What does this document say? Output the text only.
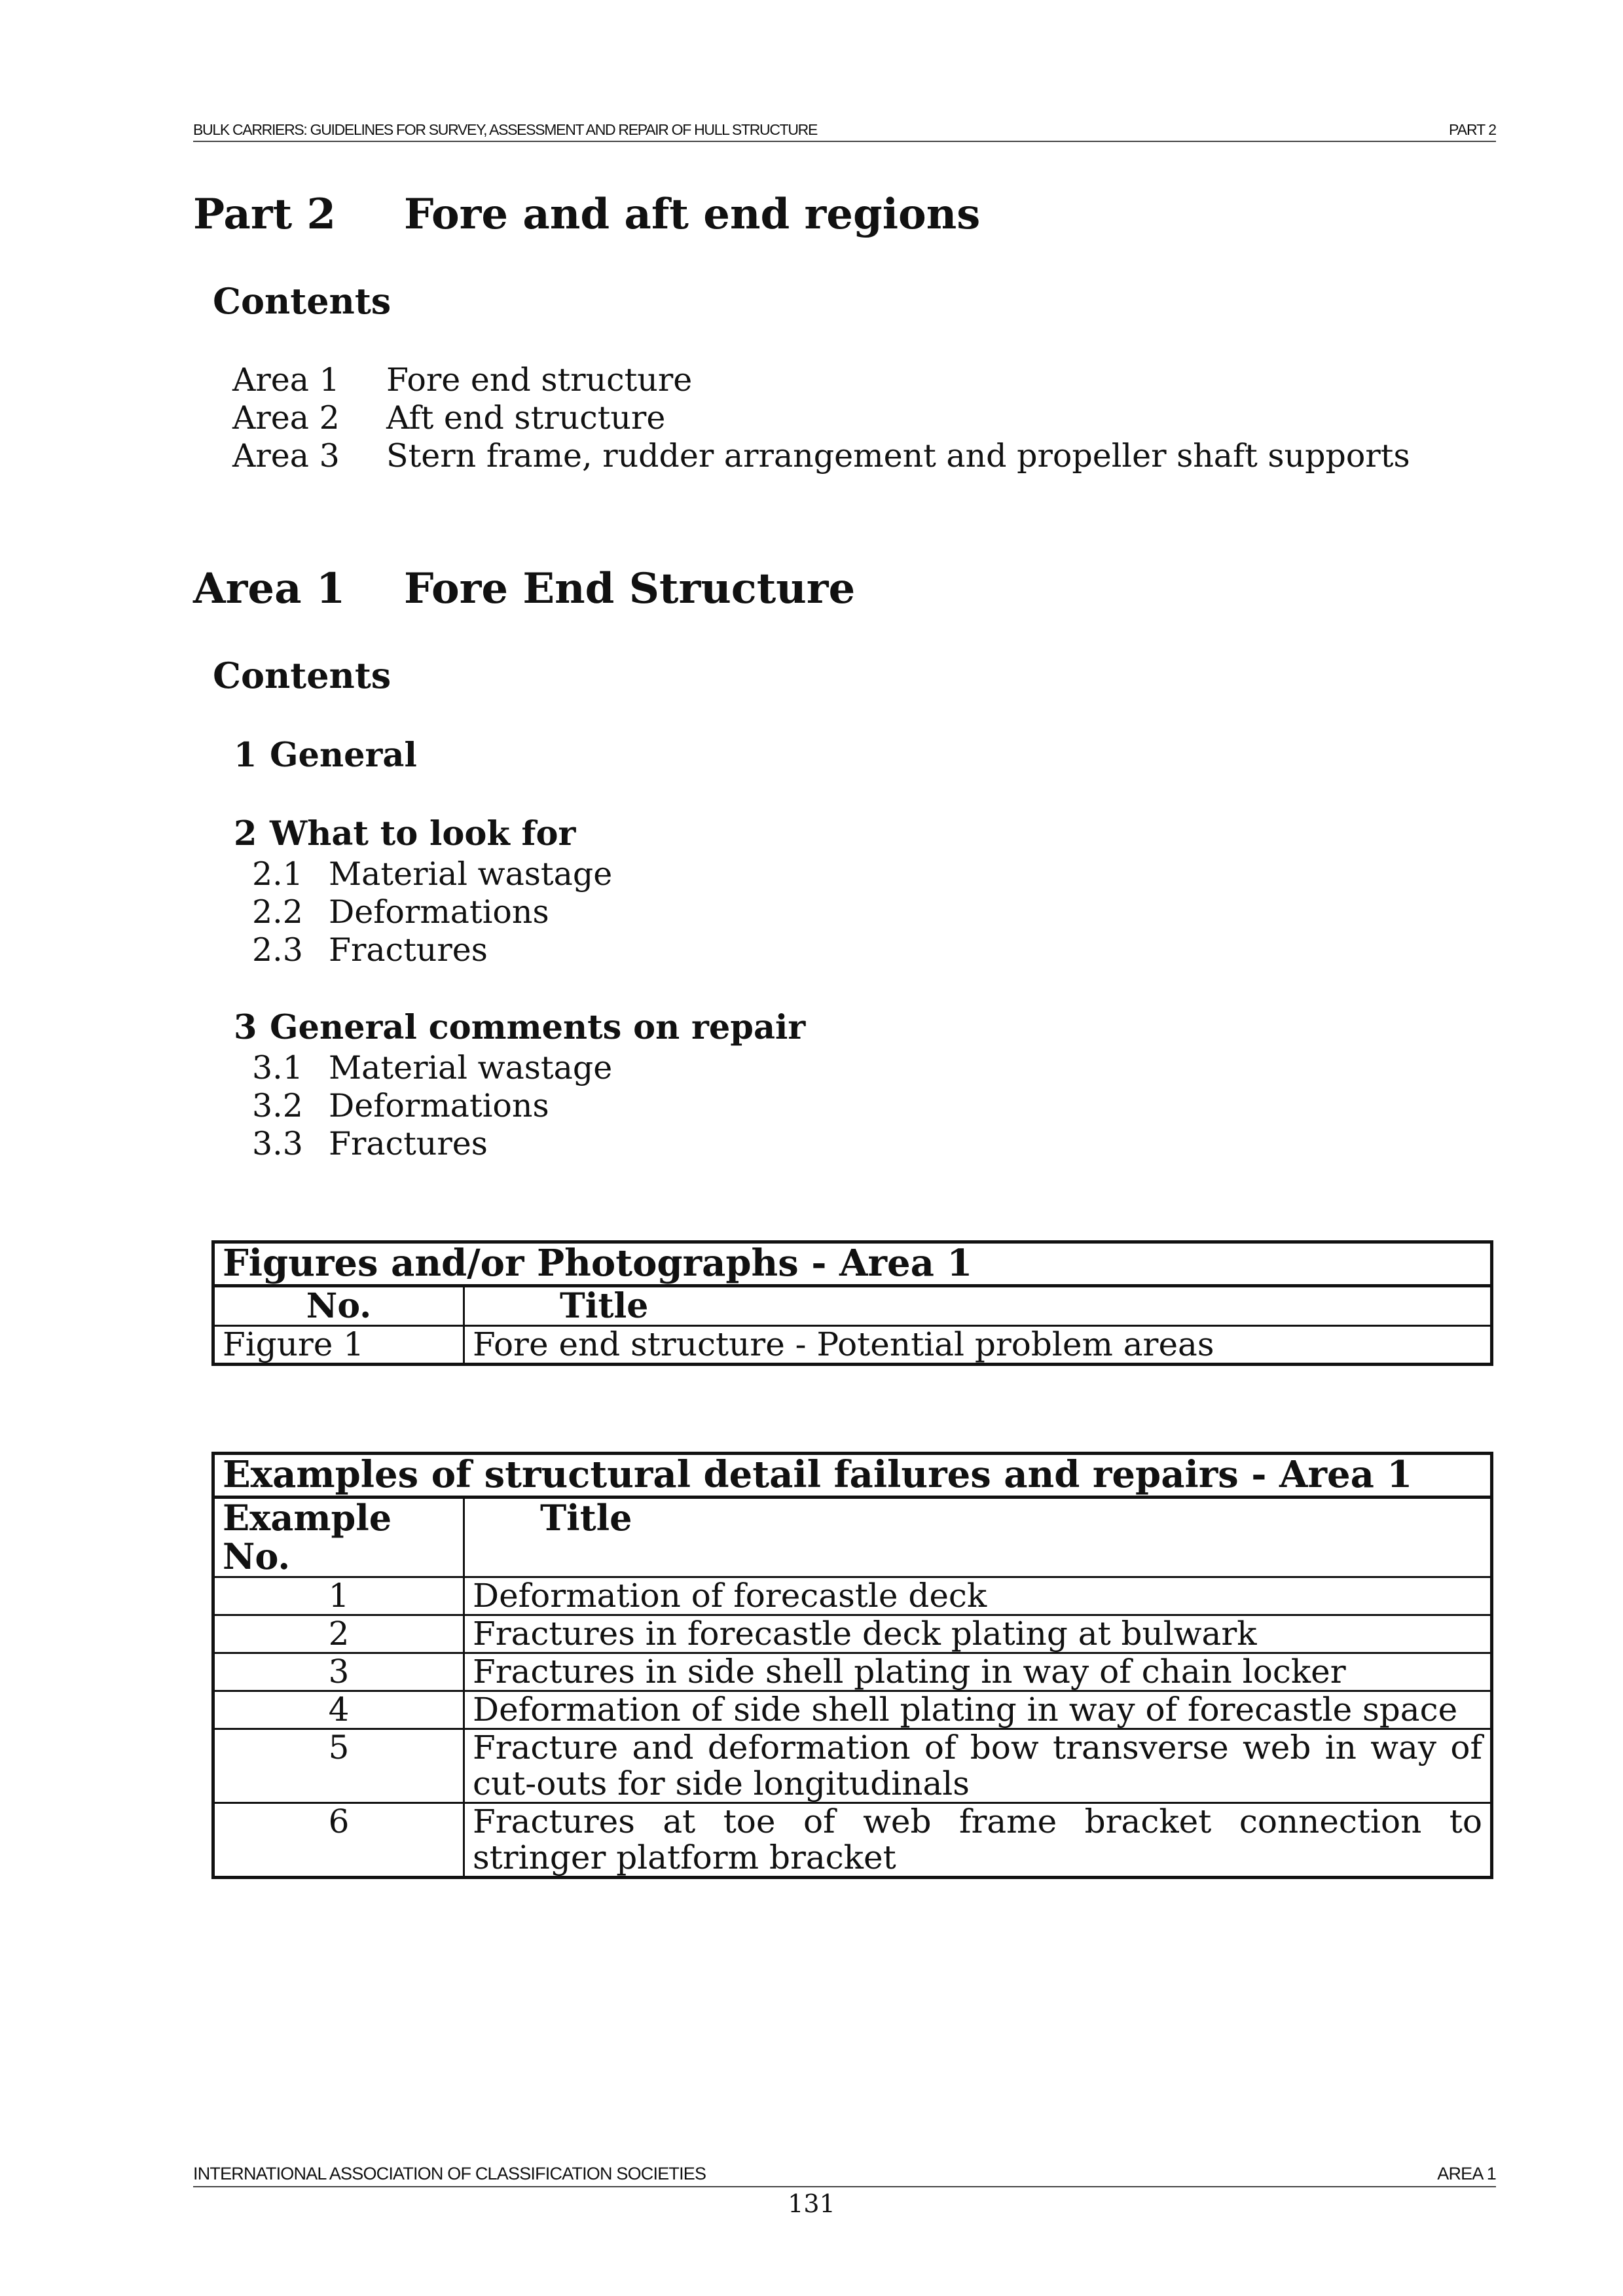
BULK CARRIERS: GUIDELINES FOR SURVEY, ASSESSMENT AND REPAIR OF HULL STRUCTURE	PART 2
Part 2 Fore and aft end regions
Contents
Area 1 Fore end structure
Area 2 Aft end structure
Area 3 Stern frame, rudder arrangement and propeller shaft supports
Area 1 Fore End Structure
Contents
1 General
2 What to look for
2.1 Material wastage
2.2 Deformations
2.3 Fractures
3 General comments on repair
3.1 Material wastage
3.2 Deformations
3.3 Fractures
Figures and/or Photographs - Area 1	
No.	Title
Figure 1	Fore end structure - Potential problem areas
Examples of structural detail failures and repairs - Area 1	
Example No.	Title
1	Deformation of forecastle deck
2	Fractures in forecastle deck plating at bulwark
3	Fractures in side shell plating in way of chain locker
4	Deformation of side shell plating in way of forecastle space
5	Fracture and deformation of bow transverse web in way of cut-outs for side longitudinals
6	Fractures at toe of web frame bracket connection to stringer platform bracket
INTERNATIONAL ASSOCIATION OF CLASSIFICATION SOCIETIES	AREA 1
131
